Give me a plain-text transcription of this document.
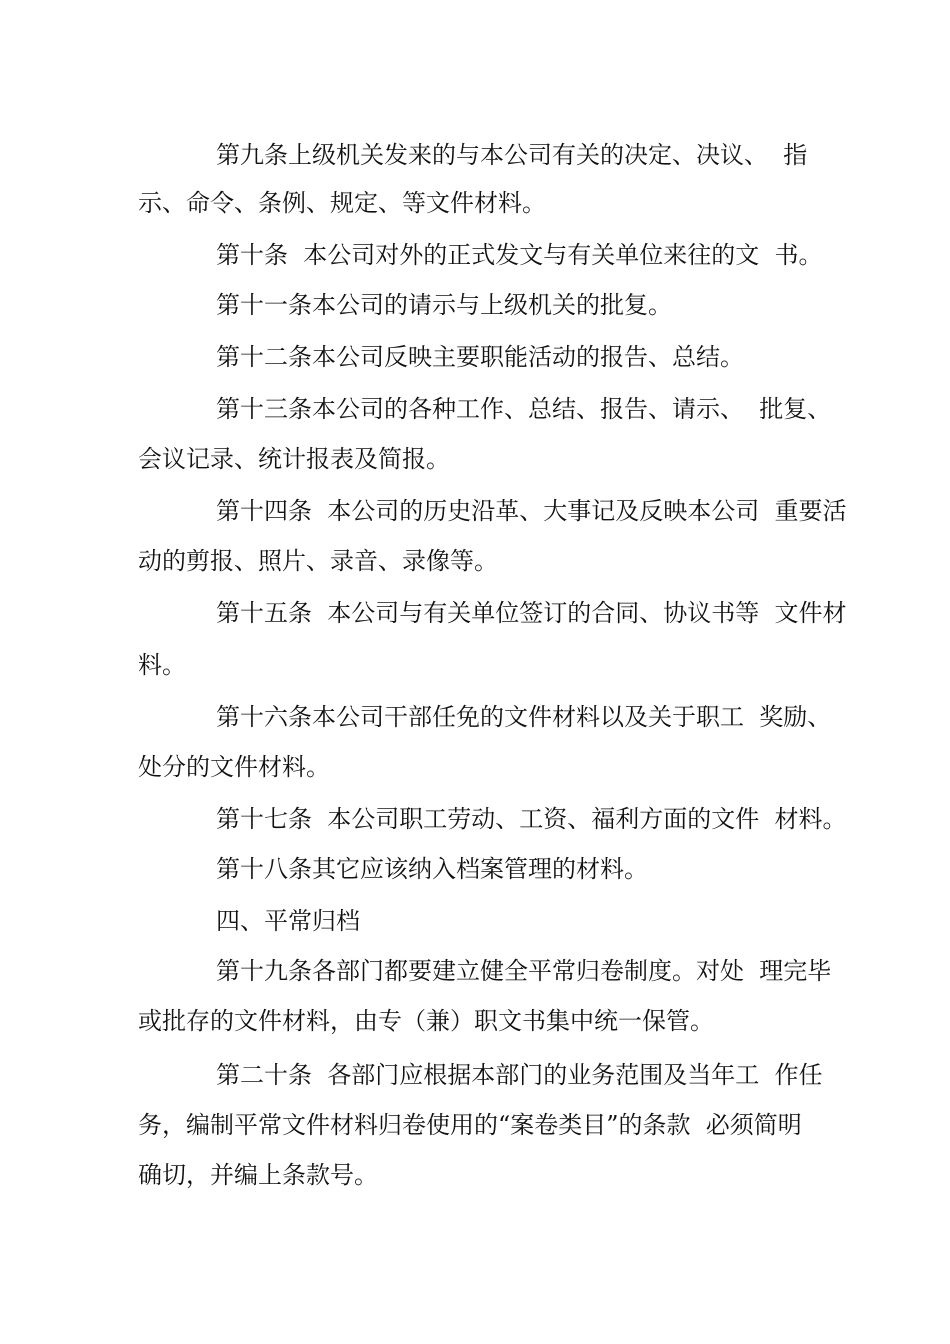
第九条上级机关发来的与本公司有关的决定、决议、  指
示、命令、条例、规定、等文件材料。
第十条  本公司对外的正式发文与有关单位来往的文  书。
第十一条本公司的请示与上级机关的批复。
第十二条本公司反映主要职能活动的报告、总结。
第十三条本公司的各种工作、总结、报告、请示、  批复、
会议记录、统计报表及简报。
第十四条  本公司的历史沿革、大事记及反映本公司  重要活
动的剪报、照片、录音、录像等。
第十五条  本公司与有关单位签订的合同、协议书等  文件材
料。
第十六条本公司干部任免的文件材料以及关于职工  奖励、
处分的文件材料。
第十七条  本公司职工劳动、工资、福利方面的文件  材料。
第十八条其它应该纳入档案管理的材料。
四、平常归档
第十九条各部门都要建立健全平常归卷制度。对处  理完毕
或批存的文件材料，由专（兼）职文书集中统一保管。
第二十条  各部门应根据本部门的业务范围及当年工  作任
务，编制平常文件材料归卷使用的“案卷类目”的条款  必须简明
确切，并编上条款号。
